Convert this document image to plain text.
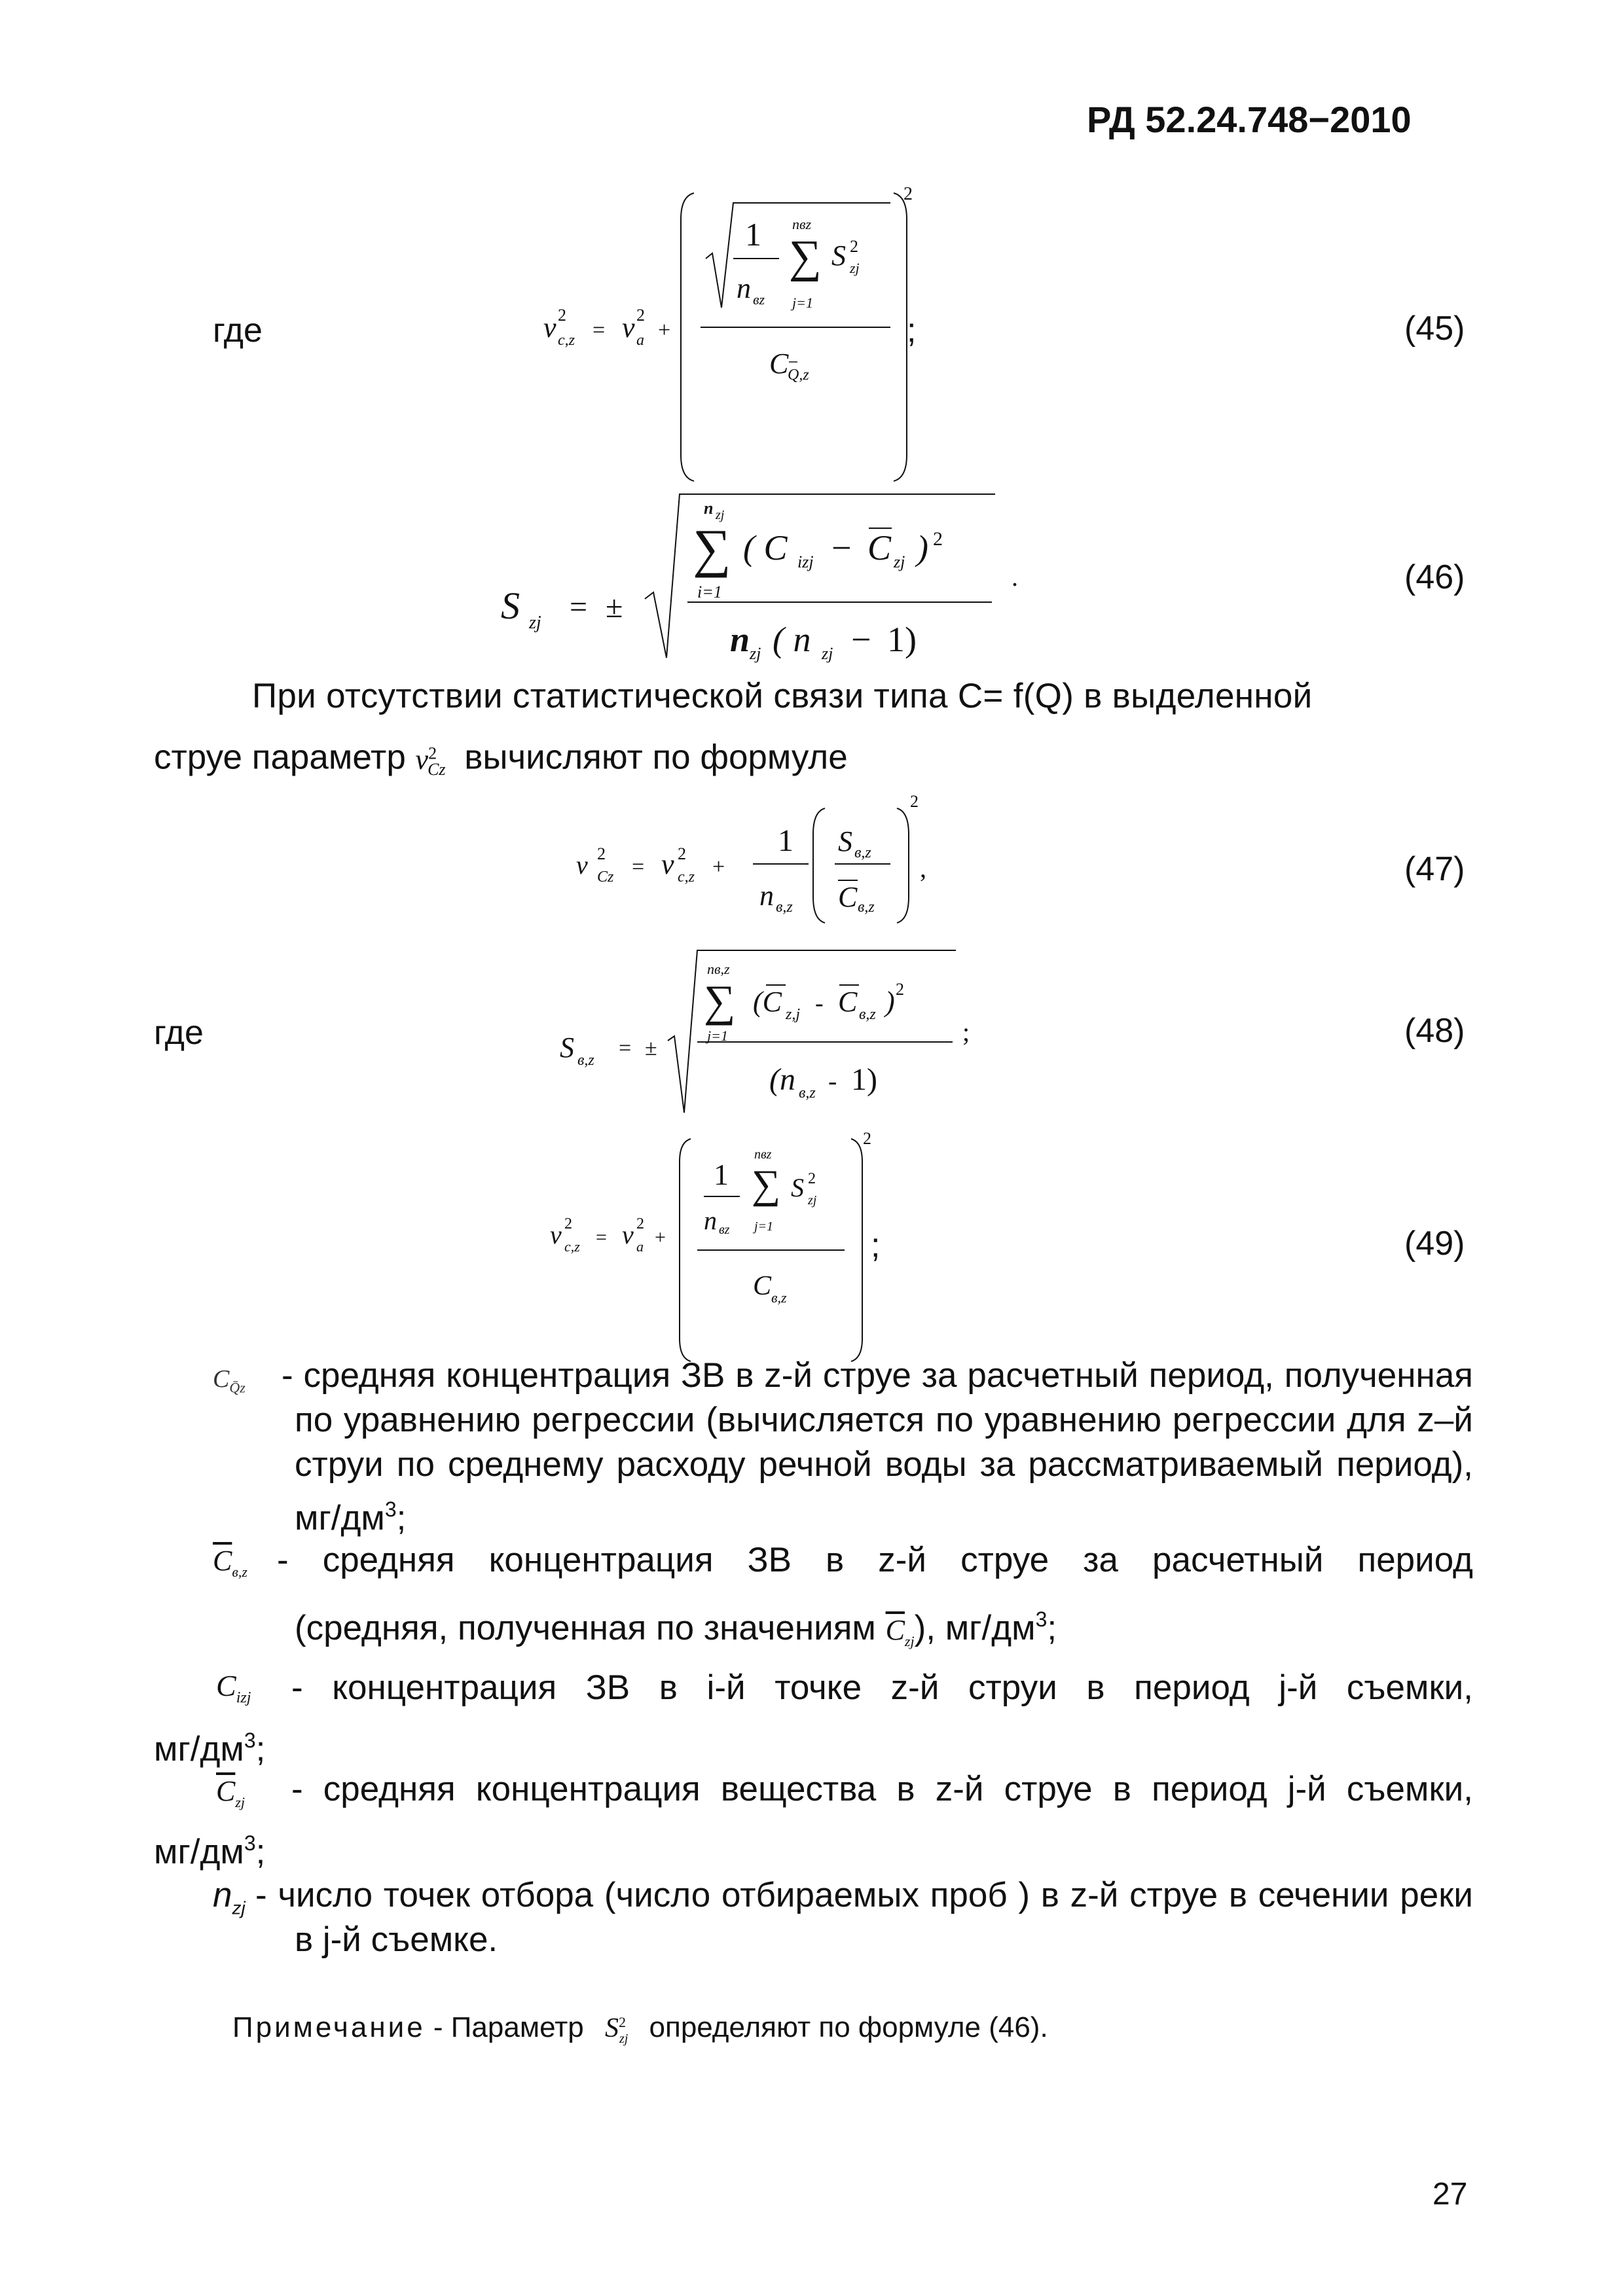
РД 52.24.748−2010
где
2
v 2
c,z = v 2
a +
1
n вz
nвz
∑
j=1
S 2
zj
C
Q,z
;	(45)
S zj = ±
n zj
∑
i=1
( C izj − C zj ) 2
n zj ( n zj − 1)
.	(46)
При отсутствии статистической связи типа C= f(Q) в выделенной
струе параметр $v^2_{Cz}$ вычисляют по формуле
v 2
Cz = v 2
c,z +
1
n в,z
S в,z
C в,z
2
,	(47)
где	S в,z = ±
nв,z
∑
j=1
(C z,j - C в,z ) 2
(n в,z - 1)
;	(48)
2
v 2
c,z = v 2
a +
1
n вz
nвz
∑
j=1
S 2
zj
C в,z
;	(49)
$C_{Q̄z}$	- средняя концентрация ЗВ в z-й струе за расчетный период, полученная по уравнению регрессии (вычисляется по уравнению регрессии для z–й струи по среднему расходу речной воды за рассматриваемый период), $мг/дм^3$;
$\overline{C}_{в,z}$ - средняя концентрация ЗВ в z-й струе за расчетный период
(средняя, полученная по значениям $\overline{C}_{zj}$), $мг/дм^3$;
$C_{izj}$ - концентрация ЗВ в i-й точке z-й струи в период j-й съемки,
$мг/дм^3$;
$\overline{C}_{zj}$ - средняя концентрация вещества в z-й струе в период j-й съемки,
$мг/дм^3$;
$n_{zj}$ - число точек отбора (число отбираемых проб ) в z-й струе в сечении реки в j-й съемке.
Примечание - Параметр $S^2_{zj}$ определяют по формуле (46).
27
